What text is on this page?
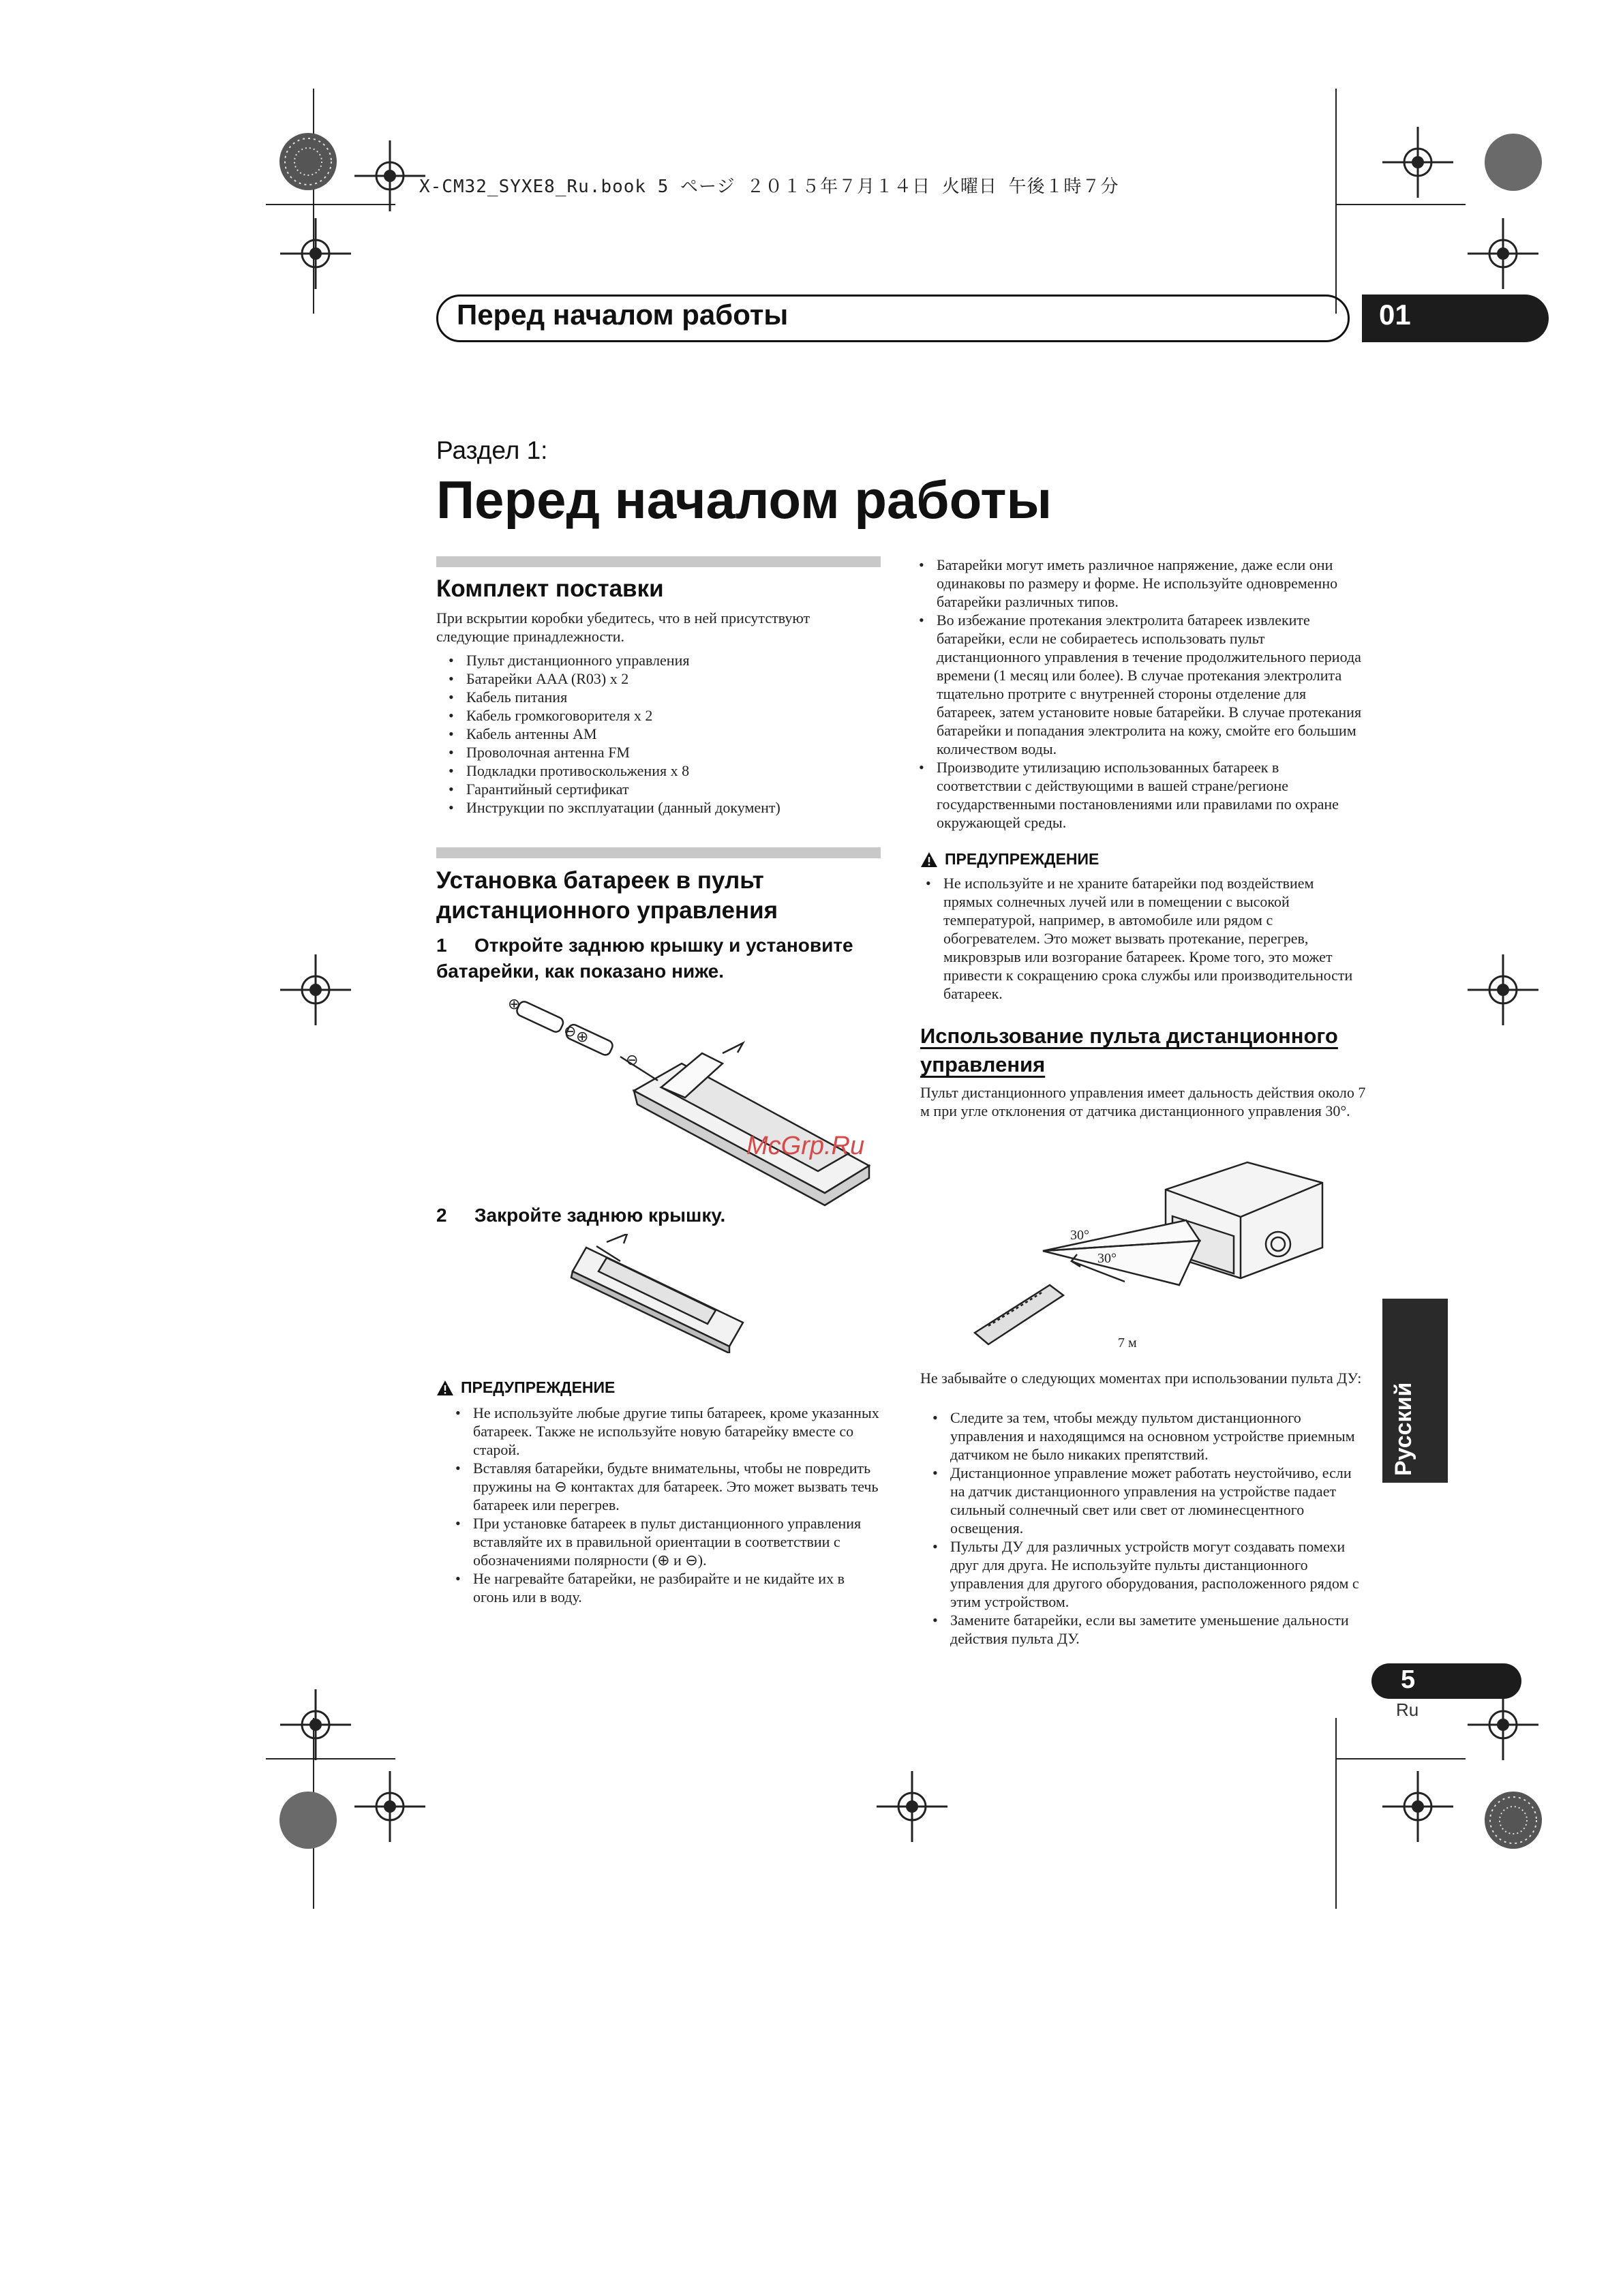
X-CM32_SYXE8_Ru.book 5 ページ ２０１５年７月１４日 火曜日 午後１時７分
Перед началом работы	01
Раздел 1:
Перед началом работы
Комплект поставки
При вскрытии коробки убедитесь, что в ней присутствуют следующие принадлежности.
• Пульт дистанционного управления
• Батарейки AAA (R03) x 2
• Кабель питания
• Кабель громкоговорителя x 2
• Кабель антенны AM
• Проволочная антенна FM
• Подкладки противоскольжения x 8
• Гарантийный сертификат
• Инструкции по эксплуатации (данный документ)
Установка батареек в пульт
дистанционного управления
1 Откройте заднюю крышку и установите
батарейки, как показано ниже.
⊕
⊖ ⊕
⊖
McGrp.Ru
2 Закройте заднюю крышку.
ПРЕДУПРЕЖДЕНИЕ
• Не используйте любые другие типы батареек, кроме указанных батареек. Также не используйте новую батарейку вместе со старой.
• Вставляя батарейки, будьте внимательны, чтобы не повредить пружины на ⊖ контактах для батареек. Это может вызвать течь батареек или перегрев.
• При установке батареек в пульт дистанционного управления вставляйте их в правильной ориентации в соответствии с обозначениями полярности (⊕ и ⊖).
• Не нагревайте батарейки, не разбирайте и не кидайте их в огонь или в воду.
• Батарейки могут иметь различное напряжение, даже если они одинаковы по размеру и форме. Не используйте одновременно батарейки различных типов.
• Во избежание протекания электролита батареек извлеките батарейки, если не собираетесь использовать пульт дистанционного управления в течение продолжительного периода времени (1 месяц или более). В случае протекания электролита тщательно протрите с внутренней стороны отделение для батареек, затем установите новые батарейки. В случае протекания батарейки и попадания электролита на кожу, смойте его большим количеством воды.
• Производите утилизацию использованных батареек в соответствии с действующими в вашей стране/регионе государственными постановлениями или правилами по охране окружающей среды.
ПРЕДУПРЕЖДЕНИЕ
• Не используйте и не храните батарейки под воздействием прямых солнечных лучей или в помещении с высокой температурой, например, в автомобиле или рядом с обогревателем. Это может вызвать протекание, перегрев, микровзрыв или возгорание батареек. Кроме того, это может привести к сокращению срока службы или производительности батареек.
Использование пульта дистанционного
управления
Пульт дистанционного управления имеет дальность действия около 7 м при угле отклонения от датчика дистанционного управления 30°.
30°
30°
7 м
Не забывайте о следующих моментах при использовании пульта ДУ:
• Следите за тем, чтобы между пультом дистанционного управления и находящимся на основном устройстве приемным датчиком не было никаких препятствий.
• Дистанционное управление может работать неустойчиво, если на датчик дистанционного управления на устройстве падает сильный солнечный свет или свет от люминесцентного освещения.
• Пульты ДУ для различных устройств могут создавать помехи друг для друга. Не используйте пульты дистанционного управления для другого оборудования, расположенного рядом с этим устройством.
• Замените батарейки, если вы заметите уменьшение дальности действия пульта ДУ.
Русский
5
Ru
